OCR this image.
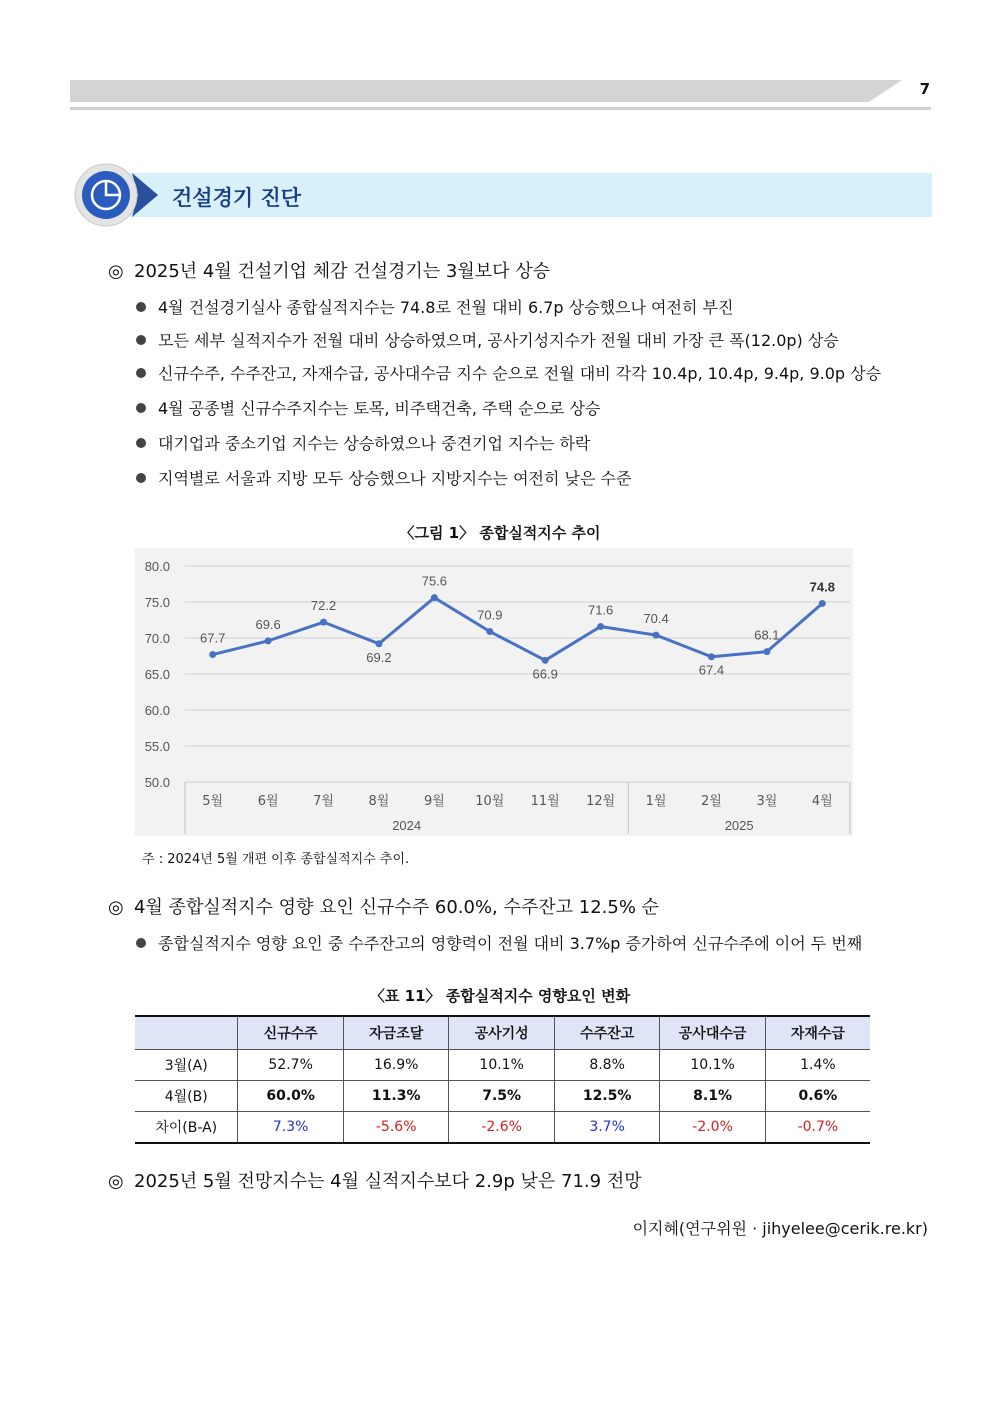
7
건설경기 진단
◎ 2025년 4월 건설기업 체감 건설경기는 3월보다 상승
4월 건설경기실사 종합실적지수는 74.8로 전월 대비 6.7p 상승했으나 여전히 부진
모든 세부 실적지수가 전월 대비 상승하였으며, 공사기성지수가 전월 대비 가장 큰 폭(12.0p) 상승
신규수주, 수주잔고, 자재수급, 공사대수금 지수 순으로 전월 대비 각각 10.4p, 10.4p, 9.4p, 9.0p 상승
4월 공종별 신규수주지수는 토목, 비주택건축, 주택 순으로 상승
대기업과 중소기업 지수는 상승하였으나 중견기업 지수는 하락
지역별로 서울과 지방 모두 상승했으나 지방지수는 여전히 낮은 수준
〈그림 1〉 종합실적지수 추이
80.0
75.0
70.0
65.0
60.0
55.0
50.0
2024	2025
5월	6월	7월	8월	9월 10월 11월 12월 1월	2월	3월	4월
67.7
69.6
72.2
69.2
75.6
70.9
66.9
71.6
70.4
67.4
68.1
74.8
주 : 2024년 5월 개편 이후 종합실적지수 추이.
◎ 4월 종합실적지수 영향 요인 신규수주 60.0%, 수주잔고 12.5% 순
종합실적지수 영향 요인 중 수주잔고의 영향력이 전월 대비 3.7%p 증가하여 신규수주에 이어 두 번째
〈표 11〉 종합실적지수 영향요인 변화
	신규수주	자금조달	공사기성	수주잔고	공사대수금	자재수급
3월(A)	52.7%	16.9%	10.1%	8.8%	10.1%	1.4%
4월(B)	60.0%	11.3%	7.5%	12.5%	8.1%	0.6%
차이(B-A)	7.3%	-5.6%	-2.6%	3.7%	-2.0%	-0.7%
◎ 2025년 5월 전망지수는 4월 실적지수보다 2.9p 낮은 71.9 전망
이지혜(연구위원 · jihyelee@cerik.re.kr)
